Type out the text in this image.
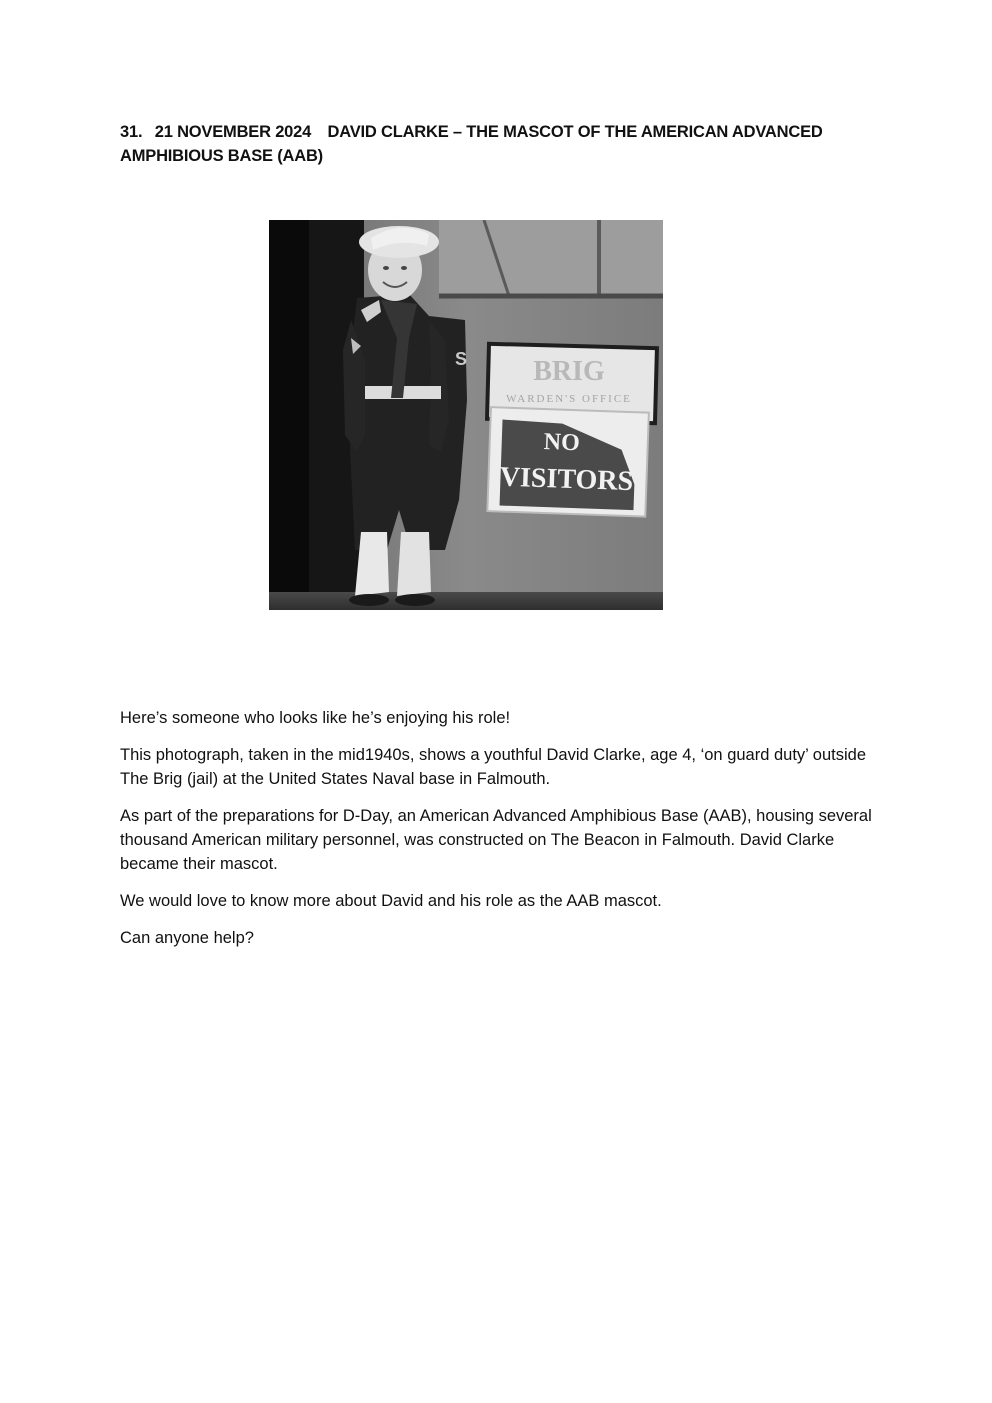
31. 21 NOVEMBER 2024 DAVID CLARKE – THE MASCOT OF THE AMERICAN ADVANCED AMPHIBIOUS BASE (AAB)
S BRIG
WARDEN'S OFFICE
NO
VISITORS

Here’s someone who looks like he’s enjoying his role!

This photograph, taken in the mid1940s, shows a youthful David Clarke, age 4, ‘on guard duty’ outside The Brig (jail) at the United States Naval base in Falmouth.

As part of the preparations for D-Day, an American Advanced Amphibious Base (AAB), housing several thousand American military personnel, was constructed on The Beacon in Falmouth. David Clarke became their mascot.

We would love to know more about David and his role as the AAB mascot.

Can anyone help?
